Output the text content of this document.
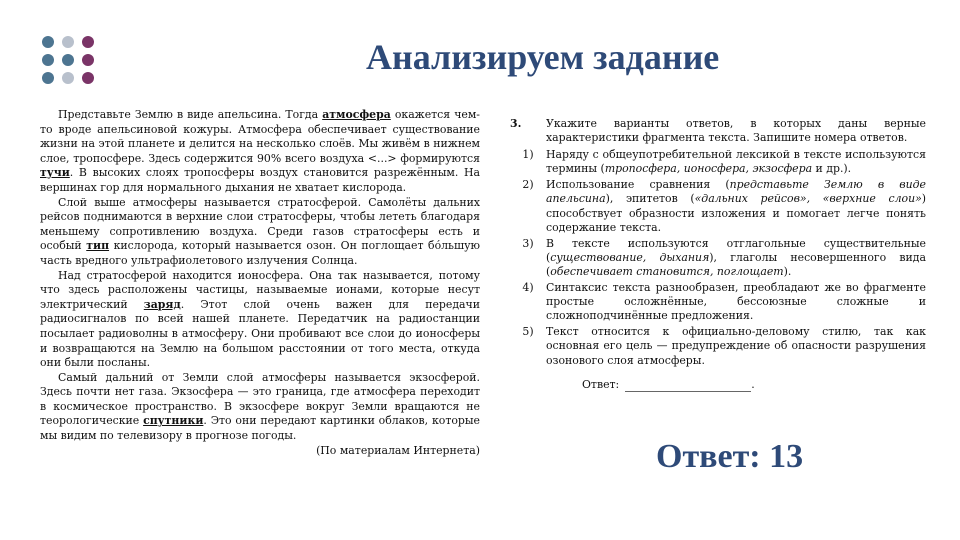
Анализируем задание

Представьте Землю в виде апельсина. Тогда атмосфера окажется чем-то вроде апельсиновой кожуры. Атмосфера обеспечивает существование жизни на этой планете и делится на несколько слоёв. Мы живём в нижнем слое, тропосфере. Здесь содержится 90% всего воздуха <...> формируются тучи. В высоких слоях тропосферы воздух становится разрежённым. На вершинах гор для нормального дыхания не хватает кислорода.

Слой выше атмосферы называется стратосферой. Самолёты дальних рейсов поднимаются в верхние слои стратосферы, чтобы лететь благодаря меньшему сопротивлению воздуха. Среди газов стратосферы есть и особый тип кислорода, который называется озон. Он поглощает бо́льшую часть вредного ультрафиолетового излучения Солнца.

Над стратосферой находится ионосфера. Она так называется, потому что здесь расположены частицы, называемые ионами, которые несут электрический заряд. Этот слой очень важен для передачи радиосигналов по всей нашей планете. Передатчик на радиостанции посылает радиоволны в атмосферу. Они пробивают все слои до ионосферы и возвращаются на Землю на большом расстоянии от того места, откуда они были посланы.

Самый дальний от Земли слой атмосферы называется экзосферой. Здесь почти нет газа. Экзосфера — это граница, где атмосфера переходит в космическое пространство. В экзосфере вокруг Земли вращаются не теорологические спутники. Это они передают картинки облаков, которые мы видим по телевизору в прогнозе погоды.

(По материалам Интернета)

3.	Укажите варианты ответов, в которых даны верные характеристики фрагмента текста. Запишите номера ответов.
1)	Наряду с общеупотребительной лексикой в тексте используются термины (тропосфера, ионосфера, экзосфера и др.).
2)	Использование сравнения (представьте Землю в виде апельсина), эпитетов («дальних рейсов», «верхние слои») способствует образности изложения и помогает легче понять содержание текста.
3)	В тексте используются отглагольные существительные (существование, дыхания), глаголы несовершенного вида (обеспечивает становится, поглощает).
4)	Синтаксис текста разнообразен, преобладают же во фрагменте простые осложнённые, бессоюзные сложные и сложноподчинённые предложения.
5)	Текст относится к официально-деловому стилю, так как основная его цель — предупреждение об опасности разрушения озонового слоя атмосферы.
Ответ:	.
Ответ: 13
